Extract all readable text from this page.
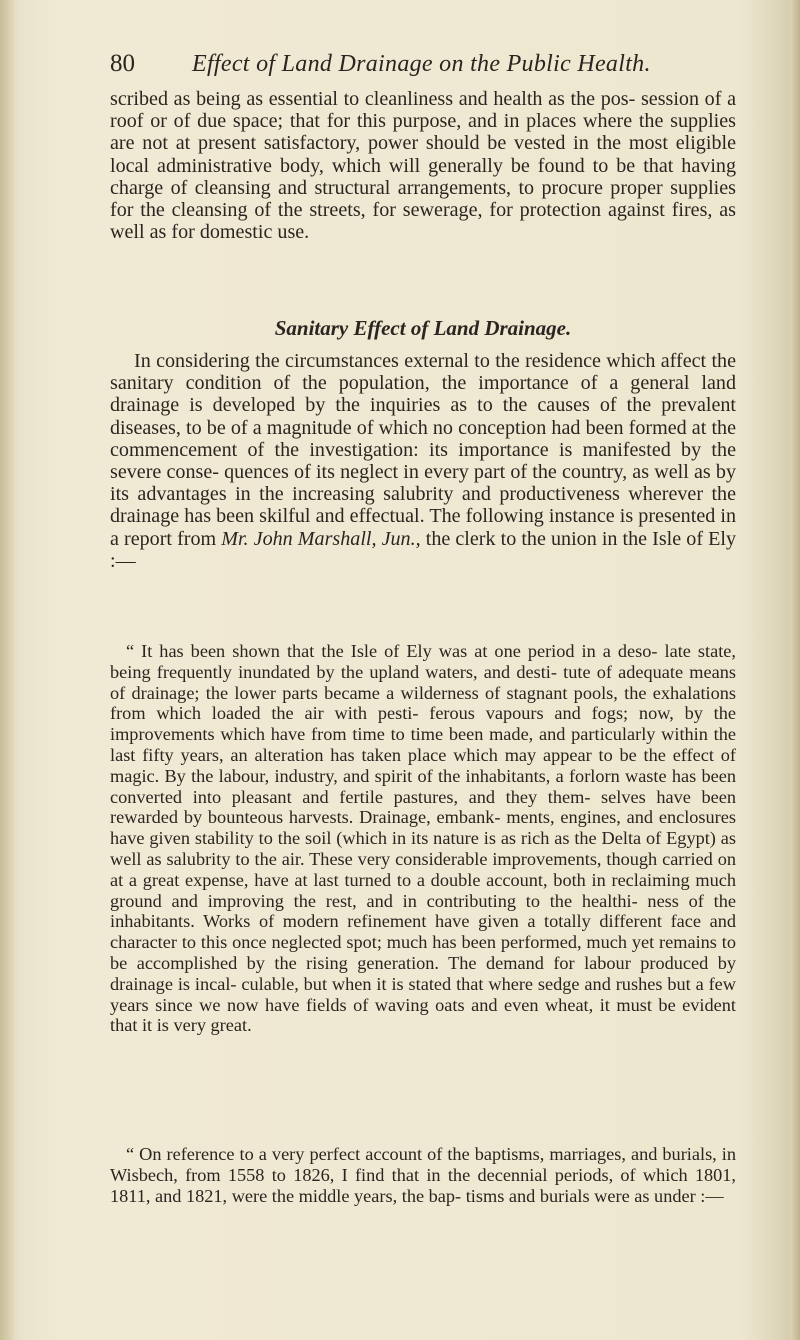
80 Effect of Land Drainage on the Public Health.

scribed as being as essential to cleanliness and health as the pos- session of a roof or of due space; that for this purpose, and in places where the supplies are not at present satisfactory, power should be vested in the most eligible local administrative body, which will generally be found to be that having charge of cleansing and structural arrangements, to procure proper supplies for the cleansing of the streets, for sewerage, for protection against fires, as well as for domestic use.

Sanitary Effect of Land Drainage.

In considering the circumstances external to the residence which affect the sanitary condition of the population, the importance of a general land drainage is developed by the inquiries as to the causes of the prevalent diseases, to be of a magnitude of which no conception had been formed at the commencement of the investigation: its importance is manifested by the severe conse- quences of its neglect in every part of the country, as well as by its advantages in the increasing salubrity and productiveness wherever the drainage has been skilful and effectual. The following instance is presented in a report from Mr. John Marshall, Jun., the clerk to the union in the Isle of Ely :—

“ It has been shown that the Isle of Ely was at one period in a deso- late state, being frequently inundated by the upland waters, and desti- tute of adequate means of drainage; the lower parts became a wilderness of stagnant pools, the exhalations from which loaded the air with pesti- ferous vapours and fogs; now, by the improvements which have from time to time been made, and particularly within the last fifty years, an alteration has taken place which may appear to be the effect of magic. By the labour, industry, and spirit of the inhabitants, a forlorn waste has been converted into pleasant and fertile pastures, and they them- selves have been rewarded by bounteous harvests. Drainage, embank- ments, engines, and enclosures have given stability to the soil (which in its nature is as rich as the Delta of Egypt) as well as salubrity to the air. These very considerable improvements, though carried on at a great expense, have at last turned to a double account, both in reclaiming much ground and improving the rest, and in contributing to the healthi- ness of the inhabitants. Works of modern refinement have given a totally different face and character to this once neglected spot; much has been performed, much yet remains to be accomplished by the rising generation. The demand for labour produced by drainage is incal- culable, but when it is stated that where sedge and rushes but a few years since we now have fields of waving oats and even wheat, it must be evident that it is very great.

“ On reference to a very perfect account of the baptisms, marriages, and burials, in Wisbech, from 1558 to 1826, I find that in the decennial periods, of which 1801, 1811, and 1821, were the middle years, the bap- tisms and burials were as under :—
